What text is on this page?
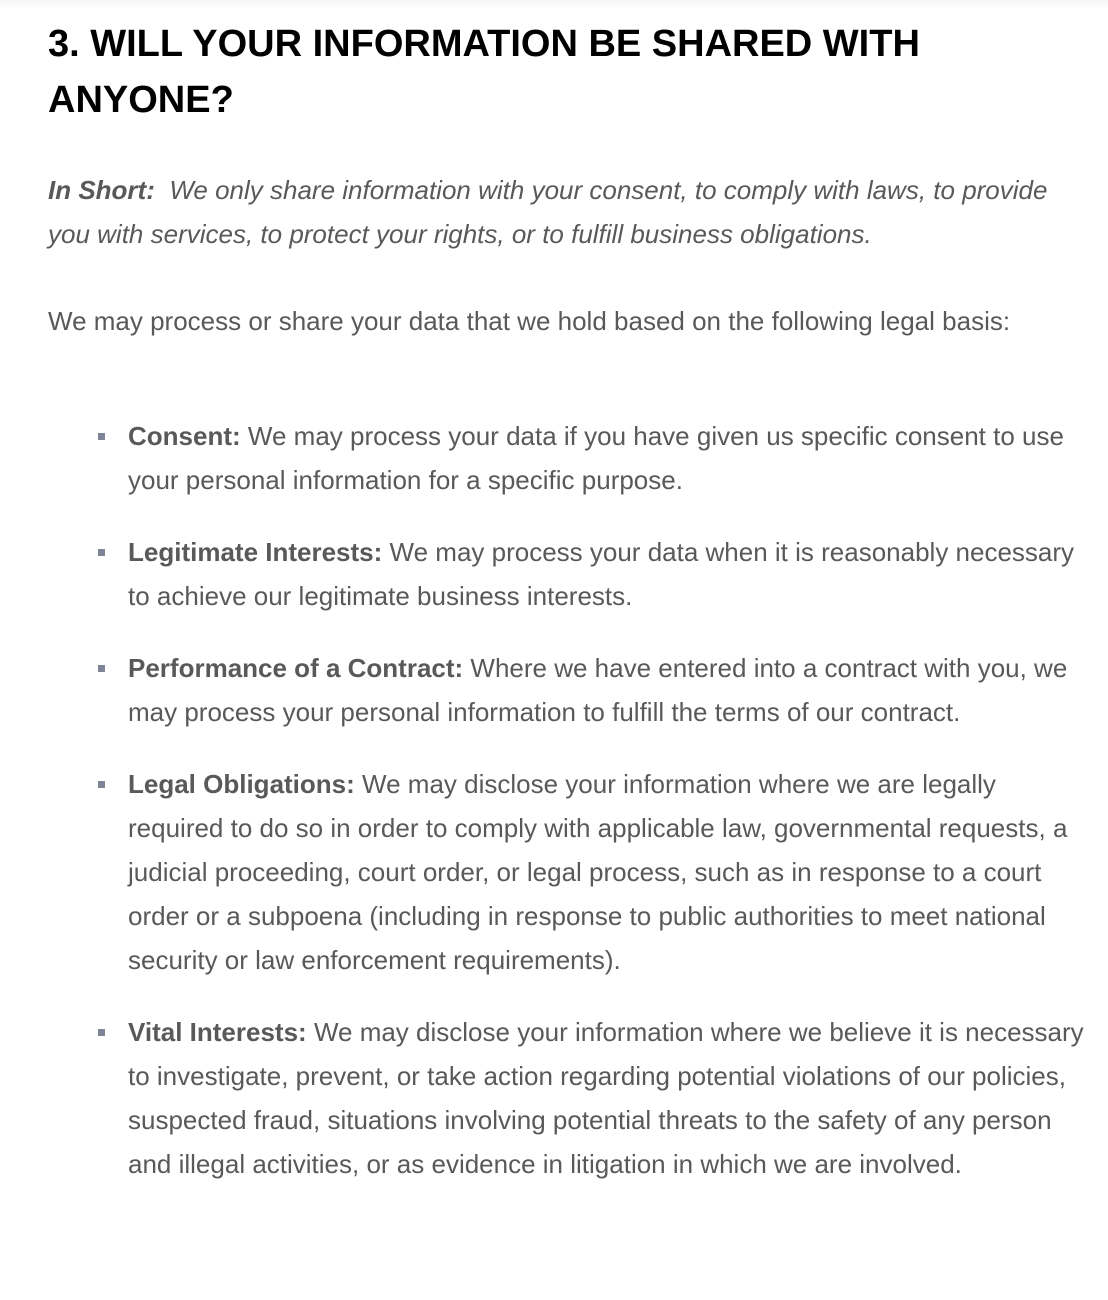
3. WILL YOUR INFORMATION BE SHARED WITH ANYONE?

In Short: We only share information with your consent, to comply with laws, to provide you with services, to protect your rights, or to fulfill business obligations.

We may process or share your data that we hold based on the following legal basis:

Consent: We may process your data if you have given us specific consent to use your personal information for a specific purpose.
Legitimate Interests: We may process your data when it is reasonably necessary to achieve our legitimate business interests.
Performance of a Contract: Where we have entered into a contract with you, we may process your personal information to fulfill the terms of our contract.
Legal Obligations: We may disclose your information where we are legally required to do so in order to comply with applicable law, governmental requests, a judicial proceeding, court order, or legal process, such as in response to a court order or a subpoena (including in response to public authorities to meet national security or law enforcement requirements).
Vital Interests: We may disclose your information where we believe it is necessary to investigate, prevent, or take action regarding potential violations of our policies, suspected fraud, situations involving potential threats to the safety of any person and illegal activities, or as evidence in litigation in which we are involved.
